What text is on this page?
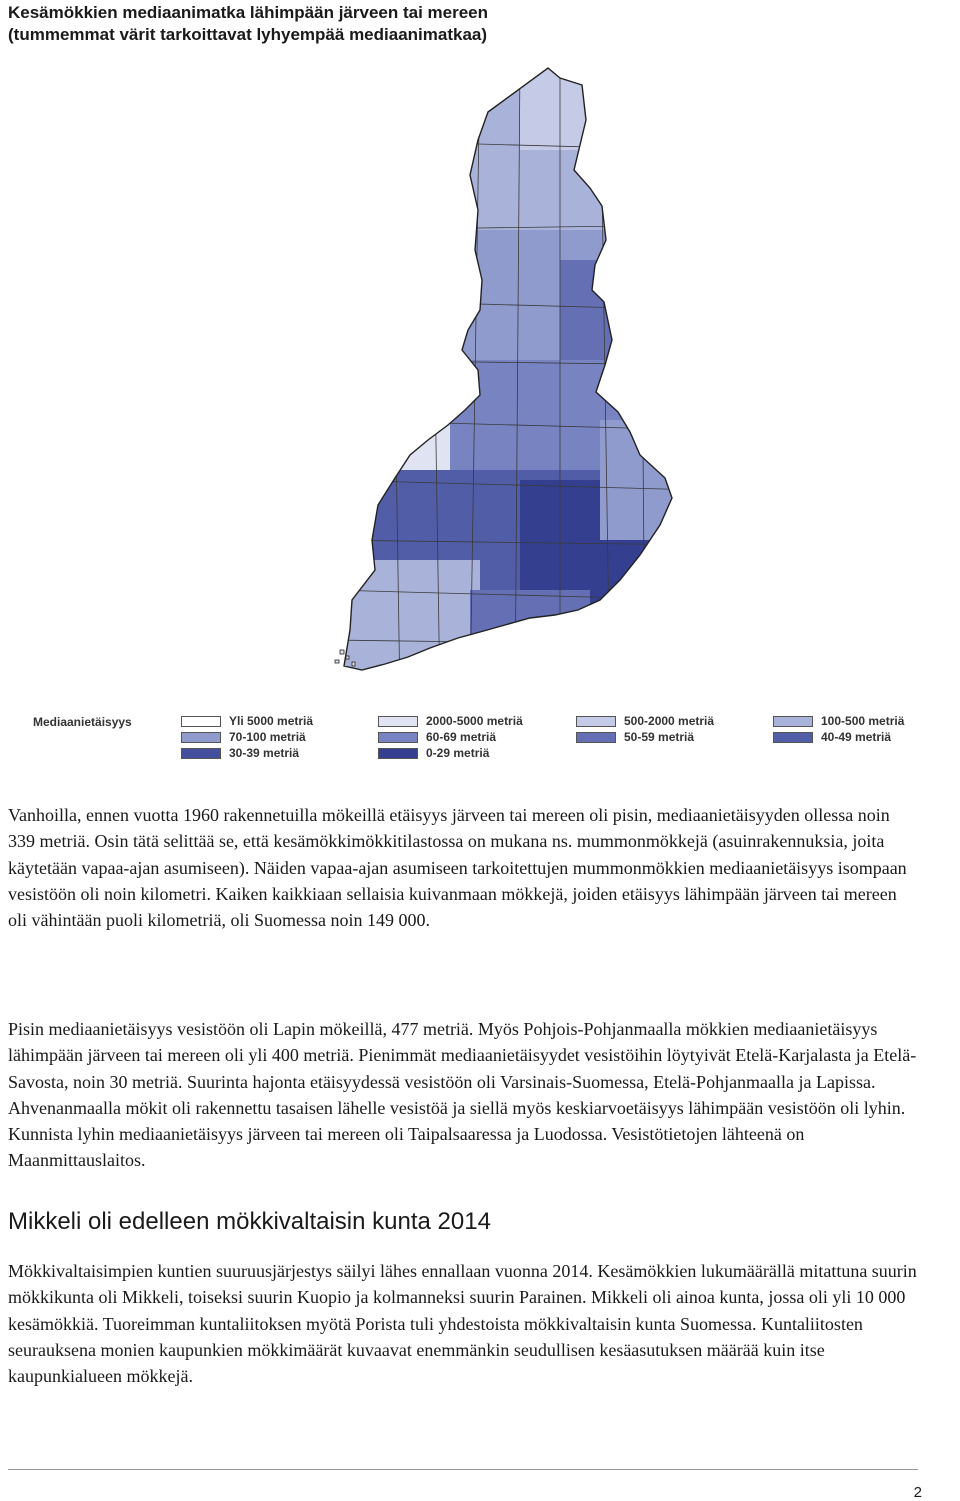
Kesämökkien mediaanimatka lähimpään järveen tai mereen
(tummemmat värit tarkoittavat lyhyempää mediaanimatkaa)
Mediaanietäisyys	Yli 5000 metriä	2000-5000 metriä	500-2000 metriä	100-500 metriä
70-100 metriä	60-69 metriä	50-59 metriä	40-49 metriä
30-39 metriä	0-29 metriä

Vanhoilla, ennen vuotta 1960 rakennetuilla mökeillä etäisyys järveen tai mereen oli pisin, mediaanietäisyyden ollessa noin 339 metriä. Osin tätä selittää se, että kesämökkimökkitilastossa on mukana ns. mummonmökkejä (asuinrakennuksia, joita käytetään vapaa-ajan asumiseen). Näiden vapaa-ajan asumiseen tarkoitettujen mummonmökkien mediaanietäisyys isompaan vesistöön oli noin kilometri. Kaiken kaikkiaan sellaisia kuivanmaan mökkejä, joiden etäisyys lähimpään järveen tai mereen oli vähintään puoli kilometriä, oli Suomessa noin 149 000.

Pisin mediaanietäisyys vesistöön oli Lapin mökeillä, 477 metriä. Myös Pohjois-Pohjanmaalla mökkien mediaanietäisyys lähimpään järveen tai mereen oli yli 400 metriä. Pienimmät mediaanietäisyydet vesistöihin löytyivät Etelä-Karjalasta ja Etelä-Savosta, noin 30 metriä. Suurinta hajonta etäisyydessä vesistöön oli Varsinais-Suomessa, Etelä-Pohjanmaalla ja Lapissa. Ahvenanmaalla mökit oli rakennettu tasaisen lähelle vesistöä ja siellä myös keskiarvoetäisyys lähimpään vesistöön oli lyhin. Kunnista lyhin mediaanietäisyys järveen tai mereen oli Taipalsaaressa ja Luodossa. Vesistötietojen lähteenä on Maanmittauslaitos.

Mikkeli oli edelleen mökkivaltaisin kunta 2014

Mökkivaltaisimpien kuntien suuruusjärjestys säilyi lähes ennallaan vuonna 2014. Kesämökkien lukumäärällä mitattuna suurin mökkikunta oli Mikkeli, toiseksi suurin Kuopio ja kolmanneksi suurin Parainen. Mikkeli oli ainoa kunta, jossa oli yli 10 000 kesämökkiä. Tuoreimman kuntaliitoksen myötä Porista tuli yhdestoista mökkivaltaisin kunta Suomessa. Kuntaliitosten seurauksena monien kaupunkien mökkimäärät kuvaavat enemmänkin seudullisen kesäasutuksen määrää kuin itse kaupunkialueen mökkejä.

2
